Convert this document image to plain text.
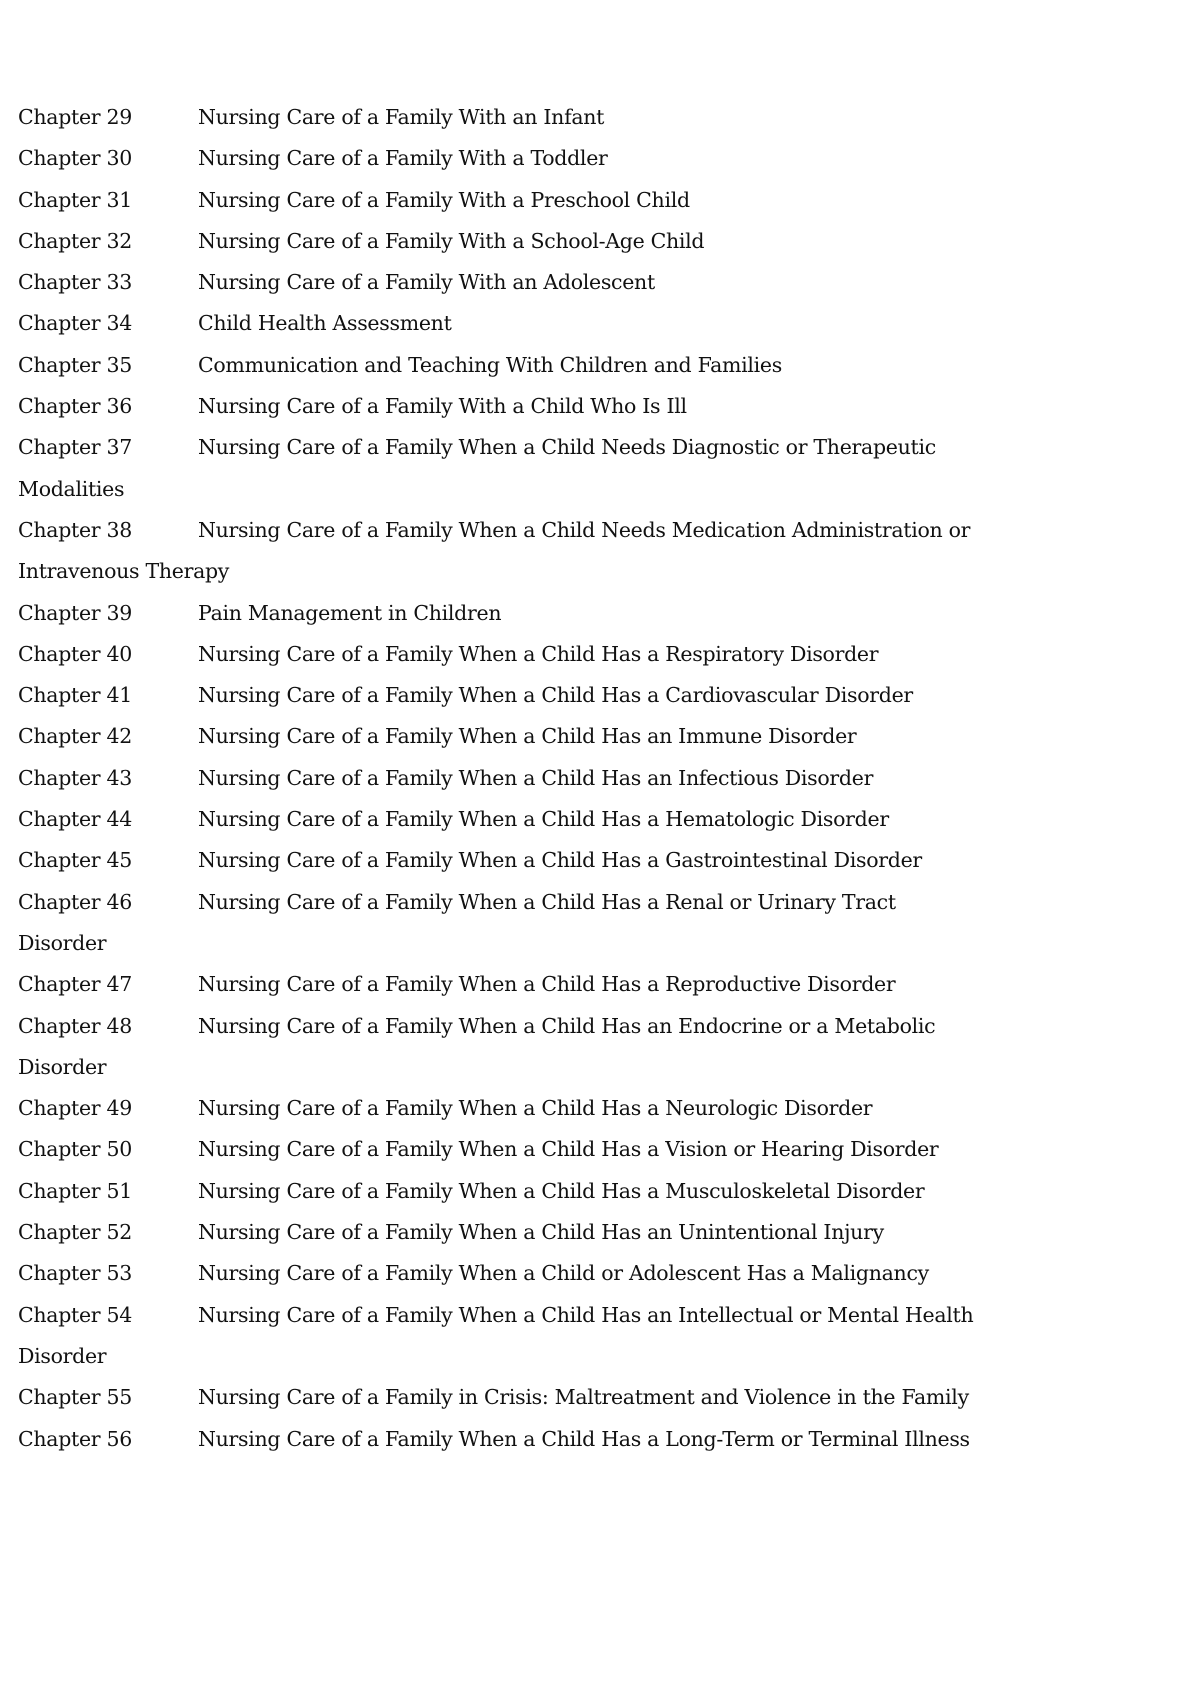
Chapter 29	Nursing Care of a Family With an Infant
Chapter 30	Nursing Care of a Family With a Toddler
Chapter 31	Nursing Care of a Family With a Preschool Child
Chapter 32	Nursing Care of a Family With a School-Age Child
Chapter 33	Nursing Care of a Family With an Adolescent
Chapter 34	Child Health Assessment
Chapter 35	Communication and Teaching With Children and Families
Chapter 36	Nursing Care of a Family With a Child Who Is Ill
Chapter 37	Nursing Care of a Family When a Child Needs Diagnostic or Therapeutic
Modalities
Chapter 38	Nursing Care of a Family When a Child Needs Medication Administration or
Intravenous Therapy
Chapter 39	Pain Management in Children
Chapter 40	Nursing Care of a Family When a Child Has a Respiratory Disorder
Chapter 41	Nursing Care of a Family When a Child Has a Cardiovascular Disorder
Chapter 42	Nursing Care of a Family When a Child Has an Immune Disorder
Chapter 43	Nursing Care of a Family When a Child Has an Infectious Disorder
Chapter 44	Nursing Care of a Family When a Child Has a Hematologic Disorder
Chapter 45	Nursing Care of a Family When a Child Has a Gastrointestinal Disorder
Chapter 46	Nursing Care of a Family When a Child Has a Renal or Urinary Tract
Disorder
Chapter 47	Nursing Care of a Family When a Child Has a Reproductive Disorder
Chapter 48	Nursing Care of a Family When a Child Has an Endocrine or a Metabolic
Disorder
Chapter 49	Nursing Care of a Family When a Child Has a Neurologic Disorder
Chapter 50	Nursing Care of a Family When a Child Has a Vision or Hearing Disorder
Chapter 51	Nursing Care of a Family When a Child Has a Musculoskeletal Disorder
Chapter 52	Nursing Care of a Family When a Child Has an Unintentional Injury
Chapter 53	Nursing Care of a Family When a Child or Adolescent Has a Malignancy
Chapter 54	Nursing Care of a Family When a Child Has an Intellectual or Mental Health
Disorder
Chapter 55	Nursing Care of a Family in Crisis: Maltreatment and Violence in the Family
Chapter 56	Nursing Care of a Family When a Child Has a Long-Term or Terminal Illness
